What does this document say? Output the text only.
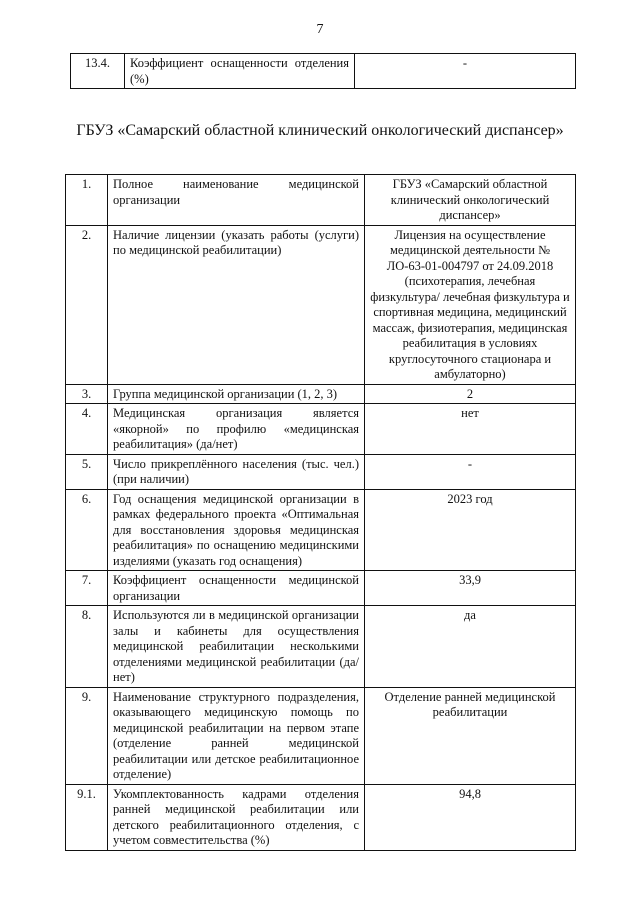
7
13.4.	Коэффициент оснащенности отделения (%)	-
ГБУЗ «Самарский областной клинический онкологический диспансер»
1.	Полное наименование медицинской организации	ГБУЗ «Самарский областной клинический онкологический диспансер»
2.	Наличие лицензии (указать работы (услуги) по медицинской реабилитации)	Лицензия на осуществление медицинской деятельности № ЛО-63-01-004797 от 24.09.2018 (психотерапия, лечебная физкультура/ лечебная физкультура и спортивная медицина, медицинский массаж, физиотерапия, медицинская реабилитация в условиях круглосуточного стационара и амбулаторно)
3.	Группа медицинской организации (1, 2, 3)	2
4.	Медицинская организация является «якорной» по профилю «медицинская реабилитация» (да/нет)	нет
5.	Число прикреплённого населения (тыс. чел.) (при наличии)	-
6.	Год оснащения медицинской организации в рамках федерального проекта «Оптимальная для восстановления здоровья медицинская реабилитация» по оснащению медицинскими изделиями (указать год оснащения)	2023 год
7.	Коэффициент оснащенности медицинской организации	33,9
8.	Используются ли в медицинской организации залы и кабинеты для осуществления медицинской реабилитации несколькими отделениями медицинской реабилитации (да/нет)	да
9.	Наименование структурного подразделения, оказывающего медицинскую помощь по медицинской реабилитации на первом этапе (отделение ранней медицинской реабилитации или детское реабилитационное отделение)	Отделение ранней медицинской реабилитации
9.1.	Укомплектованность кадрами отделения ранней медицинской реабилитации или детского реабилитационного отделения, с учетом совместительства (%)	94,8
